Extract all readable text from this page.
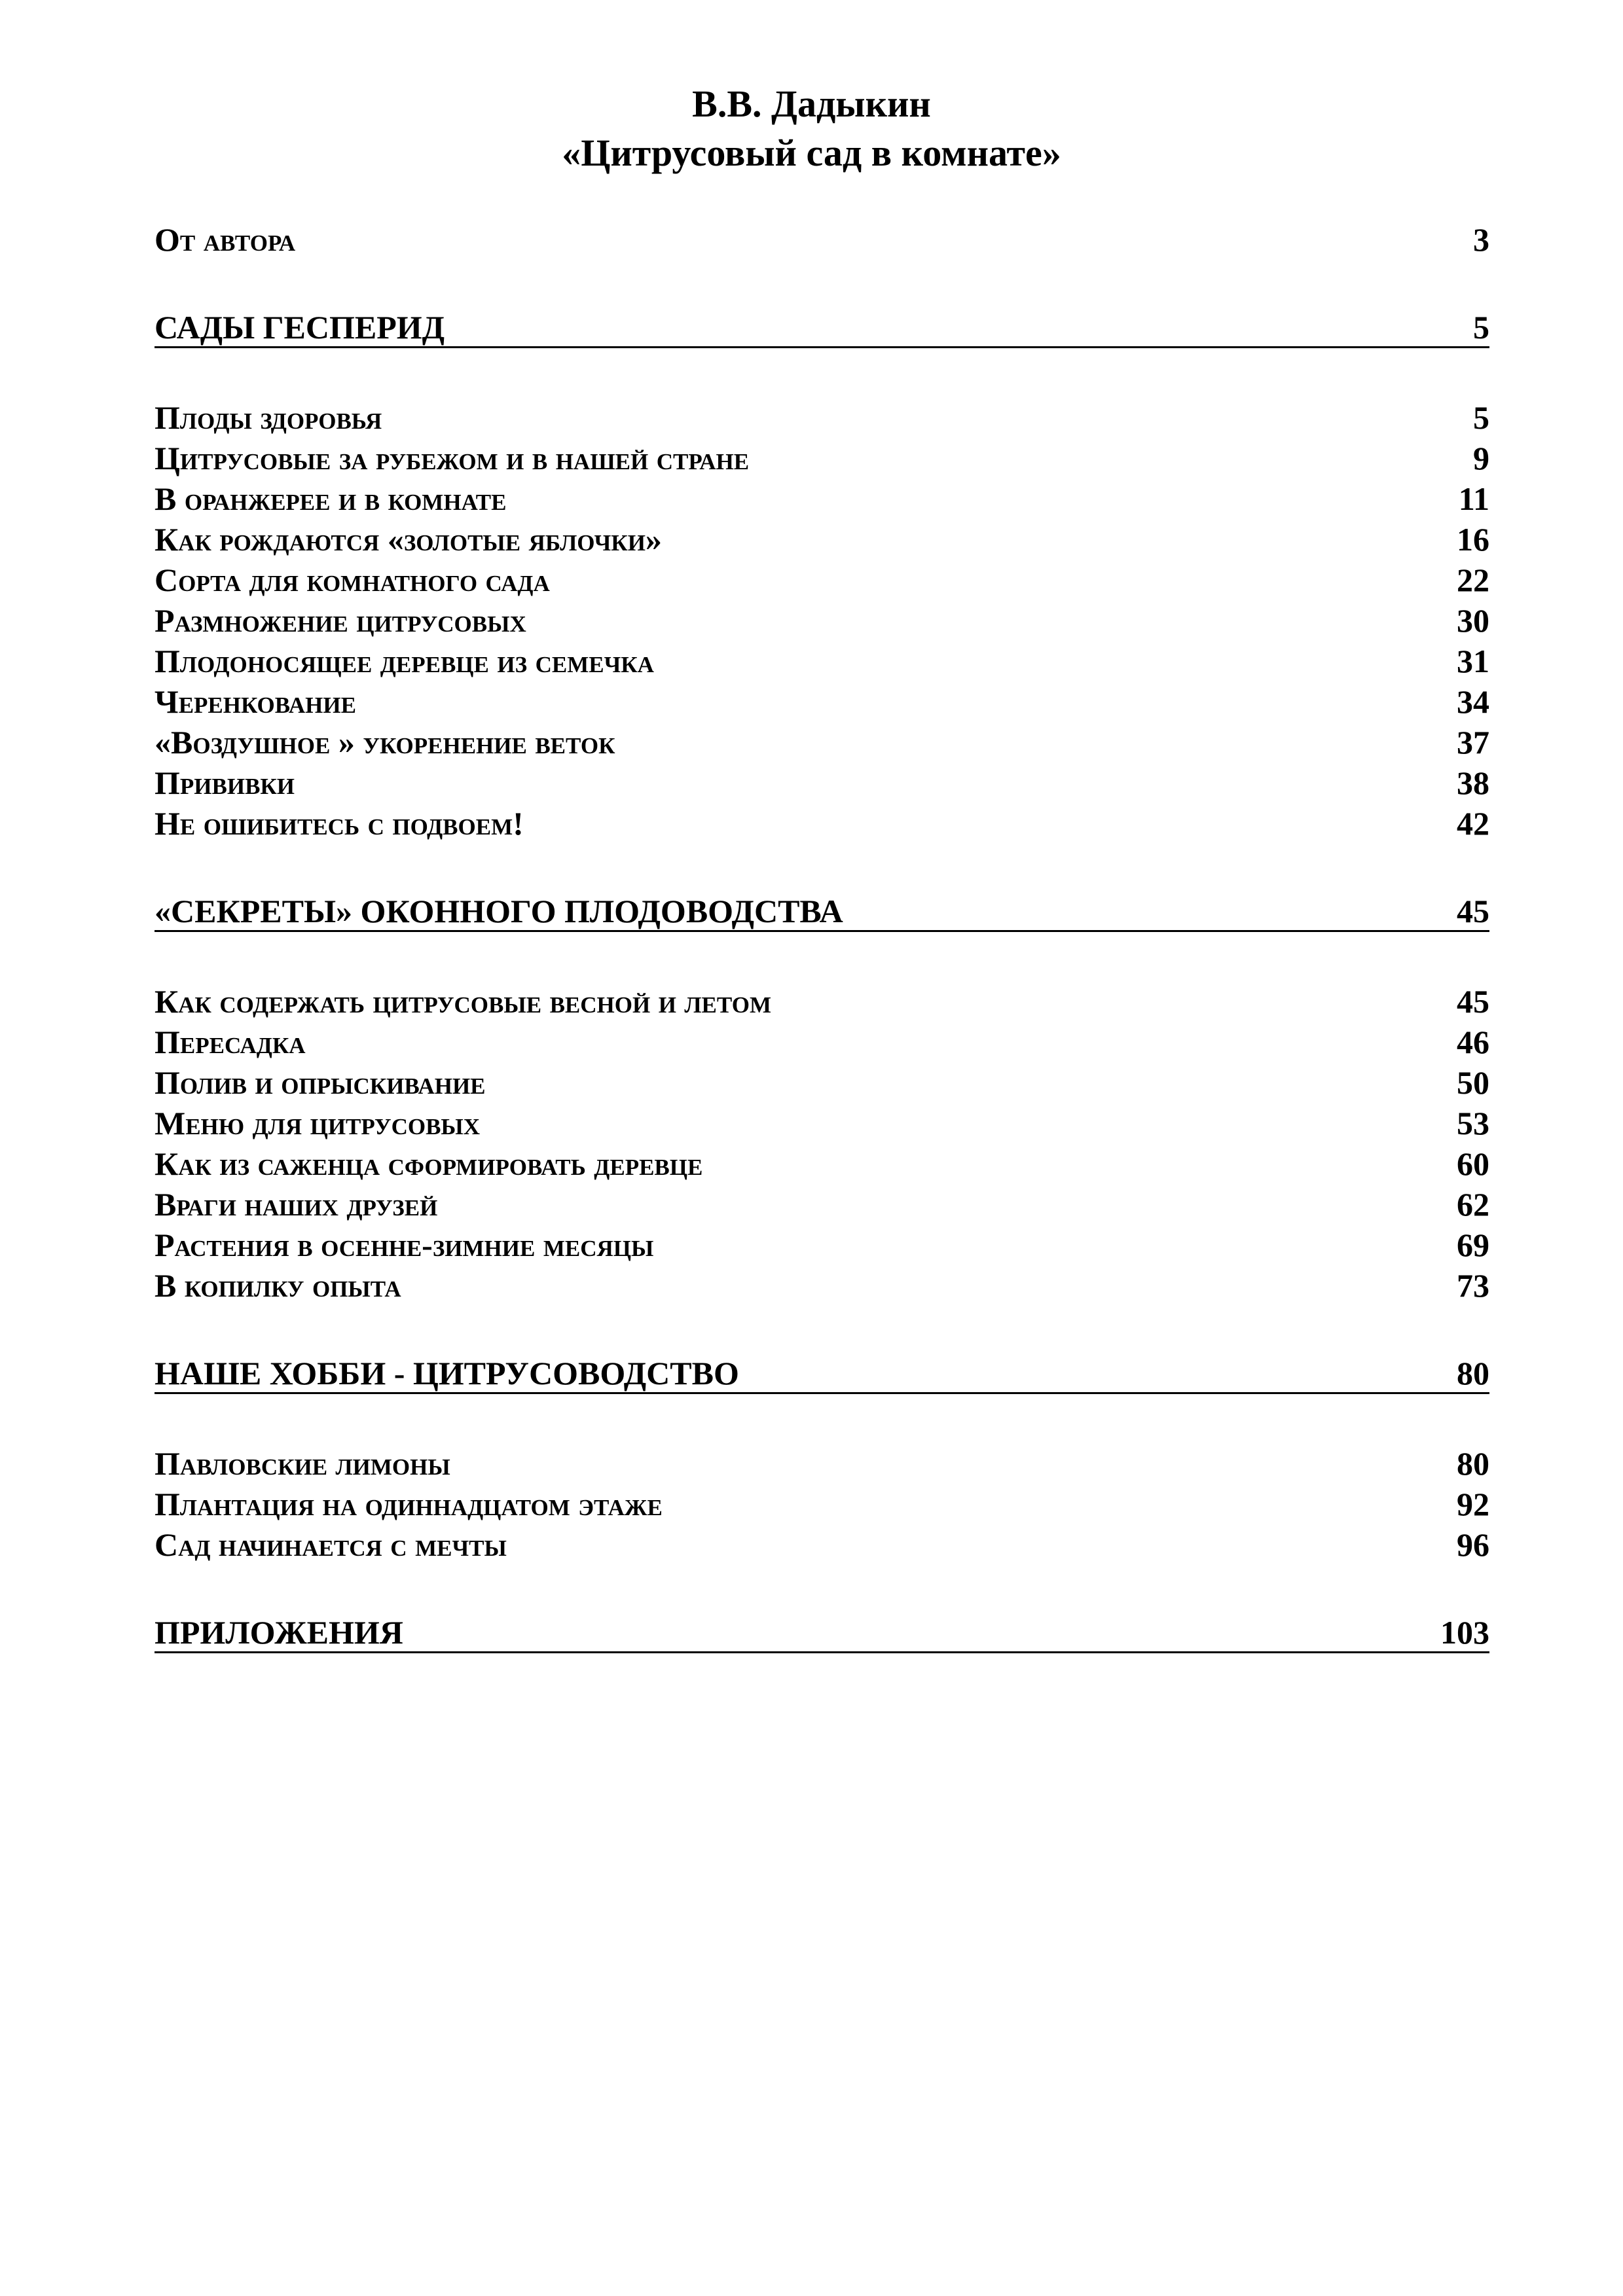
В.В. Дадыкин
«Цитрусовый сад в комнате»
От автора	3
САДЫ ГЕСПЕРИД	5
Плоды здоровья	5
Цитрусовые за рубежом и в нашей стране	9
В оранжерее и в комнате	11
Как рождаются «золотые яблочки»	16
Сорта для комнатного сада	22
Размножение цитрусовых	30
Плодоносящее деревце из семечка	31
Черенкование	34
«Воздушное » укоренение веток	37
Прививки	38
Не ошибитесь с подвоем!	42
«СЕКРЕТЫ» ОКОННОГО ПЛОДОВОДСТВА	45
Как содержать цитрусовые весной и летом	45
Пересадка	46
Полив и опрыскивание	50
Меню для цитрусовых	53
Как из саженца сформировать деревце	60
Враги наших друзей	62
Растения в осенне-зимние месяцы	69
В копилку опыта	73
НАШЕ ХОББИ - ЦИТРУСОВОДСТВО	80
Павловские лимоны	80
Плантация на одиннадцатом этаже	92
Сад начинается с мечты	96
ПРИЛОЖЕНИЯ	103
